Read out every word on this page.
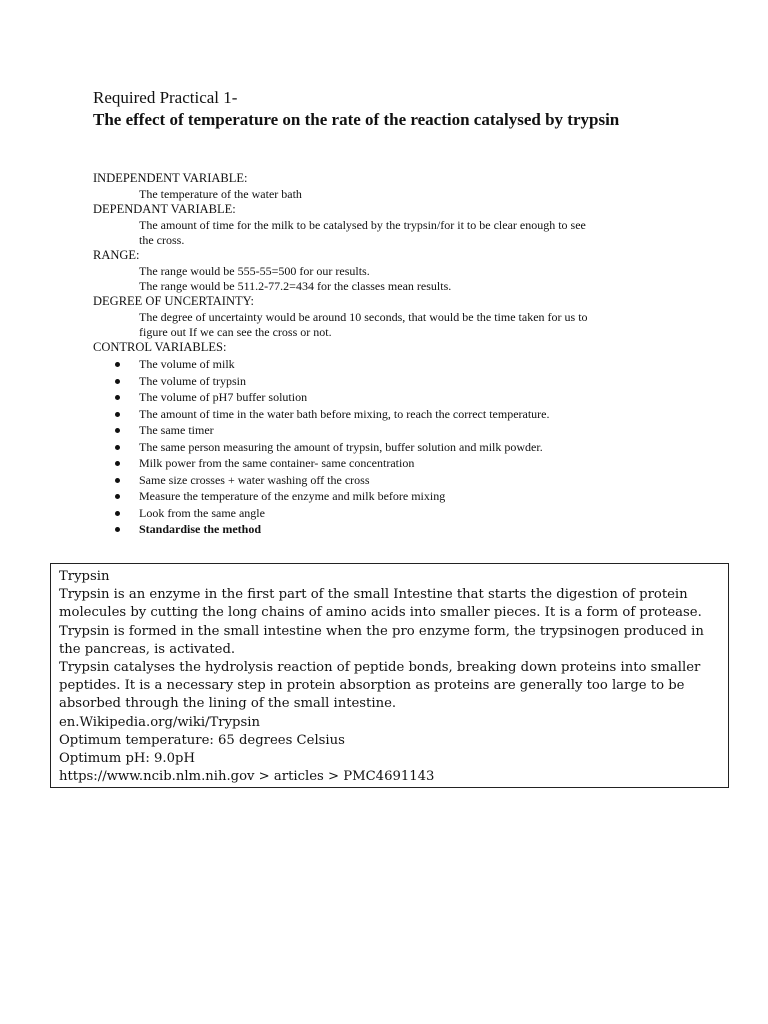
Required Practical 1-
The effect of temperature on the rate of the reaction catalysed by trypsin
INDEPENDENT VARIABLE:
The temperature of the water bath
DEPENDANT VARIABLE:
The amount of time for the milk to be catalysed by the trypsin/for it to be clear enough to see
the cross.
RANGE:
The range would be 555-55=500 for our results.
The range would be 511.2-77.2=434 for the classes mean results.
DEGREE OF UNCERTAINTY:
The degree of uncertainty would be around 10 seconds, that would be the time taken for us to
figure out If we can see the cross or not.
CONTROL VARIABLES:
The volume of milk
The volume of trypsin
The volume of pH7 buffer solution
The amount of time in the water bath before mixing, to reach the correct temperature.
The same timer
The same person measuring the amount of trypsin, buffer solution and milk powder.
Milk power from the same container- same concentration
Same size crosses + water washing off the cross
Measure the temperature of the enzyme and milk before mixing
Look from the same angle
Standardise the method

Trypsin

Trypsin is an enzyme in the first part of the small Intestine that starts the digestion of protein

molecules by cutting the long chains of amino acids into smaller pieces. It is a form of protease.

Trypsin is formed in the small intestine when the pro enzyme form, the trypsinogen produced in

the pancreas, is activated.

Trypsin catalyses the hydrolysis reaction of peptide bonds, breaking down proteins into smaller

peptides. It is a necessary step in protein absorption as proteins are generally too large to be

absorbed through the lining of the small intestine.

en.Wikipedia.org/wiki/Trypsin

Optimum temperature: 65 degrees Celsius

Optimum pH: 9.0pH

https://www.ncib.nlm.nih.gov > articles > PMC4691143
